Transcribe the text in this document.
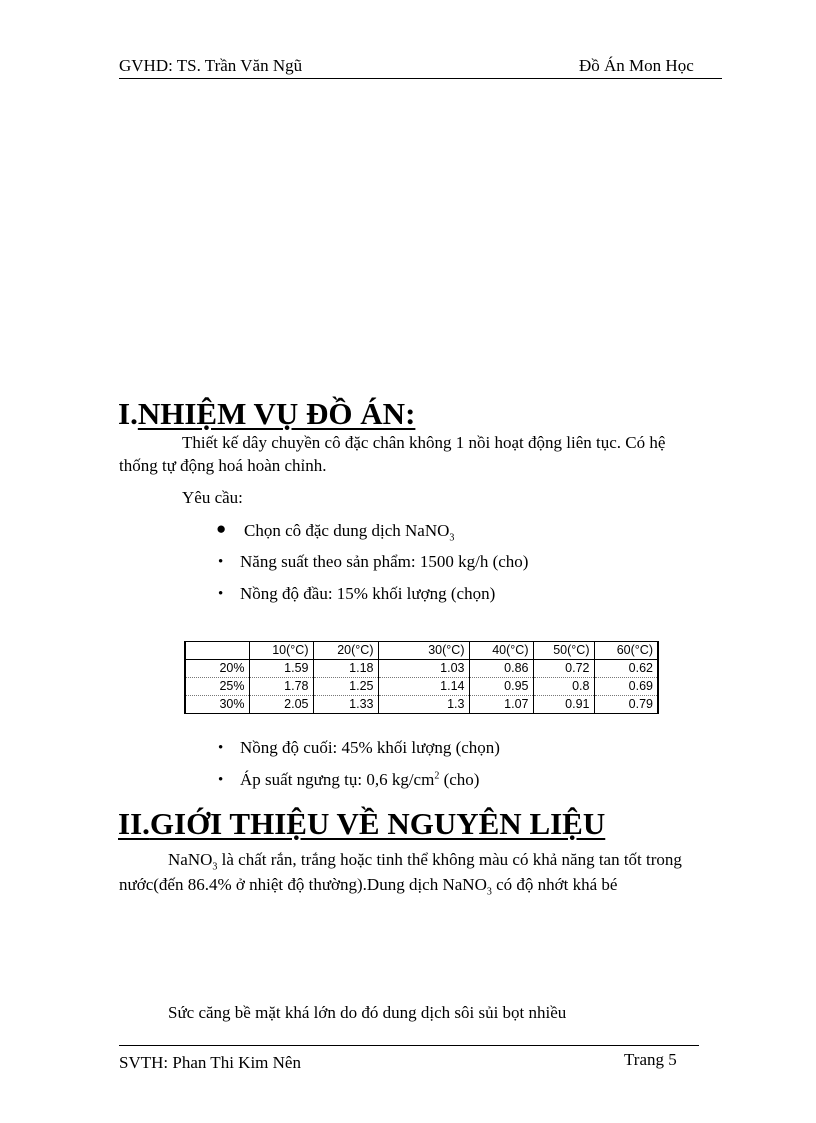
GVHD: TS. Trần Văn Ngũ	Đồ Án Mon Học
I.NHIỆM VỤ ĐỒ ÁN:
Thiết kế dây chuyền cô đặc chân không 1 nồi hoạt động liên tục. Có hệ
thống tự động hoá hoàn chỉnh.
Yêu cầu:
● Chọn cô đặc dung dịch NaNO$_3$
• Năng suất theo sản phẩm: 1500 kg/h (cho)
• Nồng độ đầu: 15% khối lượng (chọn)
	10(°C)	20(°C)	30(°C)	40(°C)	50(°C)	60(°C)
20%	1.59	1.18	1.03	0.86	0.72	0.62
25%	1.78	1.25	1.14	0.95	0.8	0.69
30%	2.05	1.33	1.3	1.07	0.91	0.79
• Nồng độ cuối: 45% khối lượng (chọn)
• Áp suất ngưng tụ: 0,6 $kg/cm^2$ (cho)
II.GIỚI THIỆU VỀ NGUYÊN LIỆU
NaNO$_3$ là chất rắn, trắng hoặc tinh thể không màu có khả năng tan tốt trong
nước(đến 86.4% ở nhiệt độ thường).Dung dịch NaNO$_3$ có độ nhớt khá bé
Sức căng bề mặt khá lớn do đó dung dịch sôi sủi bọt nhiều
SVTH: Phan Thi Kim Nên	Trang 5
